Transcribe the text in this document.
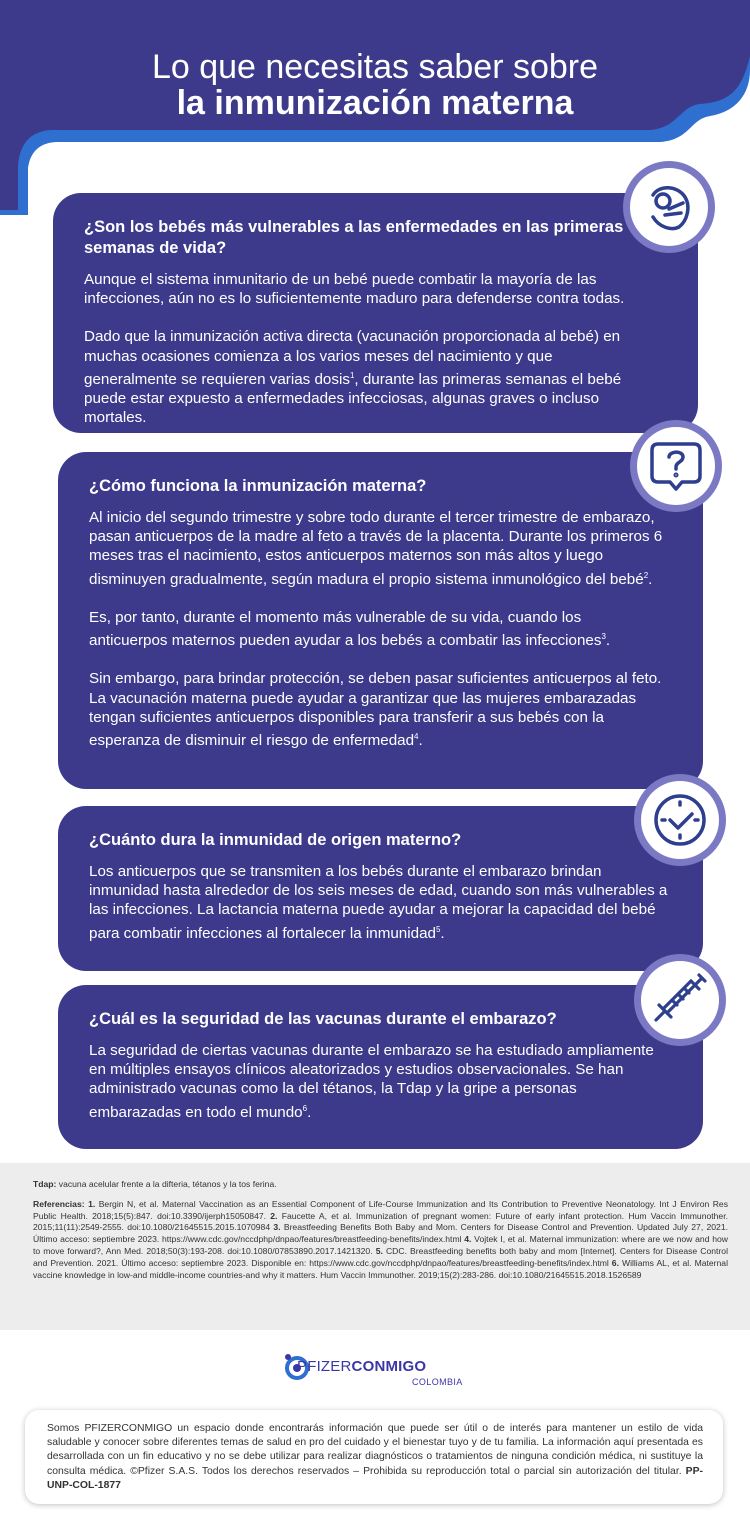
Lo que necesitas saber sobre
la inmunización materna
¿Son los bebés más vulnerables a las enfermedades en las primeras semanas de vida?

Aunque el sistema inmunitario de un bebé puede combatir la mayoría de las infecciones, aún no es lo suficientemente maduro para defenderse contra todas.

Dado que la inmunización activa directa (vacunación proporcionada al bebé) en muchas ocasiones comienza a los varios meses del nacimiento y que generalmente se requieren varias dosis$^1$, durante las primeras semanas el bebé puede estar expuesto a enfermedades infecciosas, algunas graves o incluso mortales.

¿Cómo funciona la inmunización materna?

Al inicio del segundo trimestre y sobre todo durante el tercer trimestre de embarazo, pasan anticuerpos de la madre al feto a través de la placenta. Durante los primeros 6 meses tras el nacimiento, estos anticuerpos maternos son más altos y luego disminuyen gradualmente, según madura el propio sistema inmunológico del bebé$^2$.

Es, por tanto, durante el momento más vulnerable de su vida, cuando los anticuerpos maternos pueden ayudar a los bebés a combatir las infecciones$^3$.

Sin embargo, para brindar protección, se deben pasar suficientes anticuerpos al feto. La vacunación materna puede ayudar a garantizar que las mujeres embarazadas tengan suficientes anticuerpos disponibles para transferir a sus bebés con la esperanza de disminuir el riesgo de enfermedad$^4$.

¿Cuánto dura la inmunidad de origen materno?

Los anticuerpos que se transmiten a los bebés durante el embarazo brindan inmunidad hasta alrededor de los seis meses de edad, cuando son más vulnerables a las infecciones. La lactancia materna puede ayudar a mejorar la capacidad del bebé para combatir infecciones al fortalecer la inmunidad$^5$.

¿Cuál es la seguridad de las vacunas durante el embarazo?

La seguridad de ciertas vacunas durante el embarazo se ha estudiado ampliamente en múltiples ensayos clínicos aleatorizados y estudios observacionales. Se han administrado vacunas como la del tétanos, la Tdap y la gripe a personas embarazadas en todo el mundo$^6$.

Tdap: vacuna acelular frente a la difteria, tétanos y la tos ferina.

Referencias: 1. Bergin N, et al. Maternal Vaccination as an Essential Component of Life-Course Immunization and Its Contribution to Preventive Neonatology. Int J Environ Res Public Health. 2018;15(5):847. doi:10.3390/ijerph15050847. 2. Faucette A, et al. Immunization of pregnant women: Future of early infant protection. Hum Vaccin Immunother. 2015;11(11):2549-2555. doi:10.1080/21645515.2015.1070984 3. Breastfeeding Benefits Both Baby and Mom. Centers for Disease Control and Prevention. Updated July 27, 2021. Último acceso: septiembre 2023. https://www.cdc.gov/nccdphp/dnpao/features/breastfeeding-benefits/index.html 4. Vojtek I, et al. Maternal immunization: where are we now and how to move forward?, Ann Med. 2018;50(3):193-208. doi:10.1080/07853890.2017.1421320. 5. CDC. Breastfeeding benefits both baby and mom [Internet]. Centers for Disease Control and Prevention. 2021. Último acceso: septiembre 2023. Disponible en: https://www.cdc.gov/nccdphp/dnpao/features/breastfeeding-benefits/index.html 6. Williams AL, et al. Maternal vaccine knowledge in low-and middle-income countries-and why it matters. Hum Vaccin Immunother. 2019;15(2):283-286. doi:10.1080/21645515.2018.1526589

PFIZERCONMIGO
COLOMBIA
Somos PFIZERCONMIGO un espacio donde encontrarás información que puede ser útil o de interés para mantener un estilo de vida saludable y conocer sobre diferentes temas de salud en pro del cuidado y el bienestar tuyo y de tu familia. La información aquí presentada es desarrollada con un fin educativo y no se debe utilizar para realizar diagnósticos o tratamientos de ninguna condición médica, ni sustituye la consulta médica. ©Pfizer S.A.S. Todos los derechos reservados – Prohibida su reproducción total o parcial sin autorización del titular. PP-UNP-COL-1877
